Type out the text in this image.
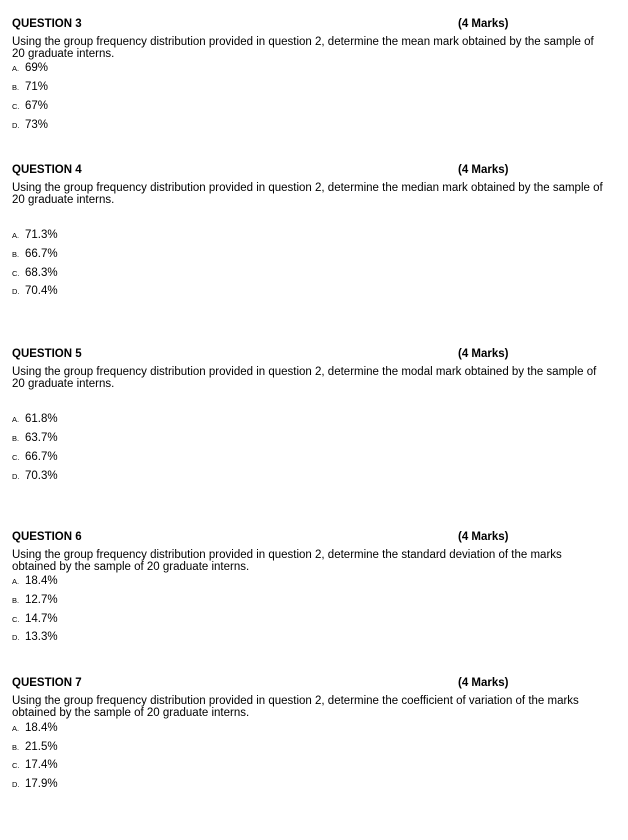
QUESTION 3	(4 Marks)
Using the group frequency distribution provided in question 2, determine the mean mark obtained by the sample of 20 graduate interns.
A. 69%
B. 71%
C. 67%
D. 73%
QUESTION 4	(4 Marks)
Using the group frequency distribution provided in question 2, determine the median mark obtained by the sample of 20 graduate interns.
A. 71.3%
B. 66.7%
C. 68.3%
D. 70.4%
QUESTION 5	(4 Marks)
Using the group frequency distribution provided in question 2, determine the modal mark obtained by the sample of 20 graduate interns.
A. 61.8%
B. 63.7%
C. 66.7%
D. 70.3%
QUESTION 6	(4 Marks)
Using the group frequency distribution provided in question 2, determine the standard deviation of the marks obtained by the sample of 20 graduate interns.
A. 18.4%
B. 12.7%
C. 14.7%
D. 13.3%
QUESTION 7	(4 Marks)
Using the group frequency distribution provided in question 2, determine the coefficient of variation of the marks obtained by the sample of 20 graduate interns.
A. 18.4%
B. 21.5%
C. 17.4%
D. 17.9%
